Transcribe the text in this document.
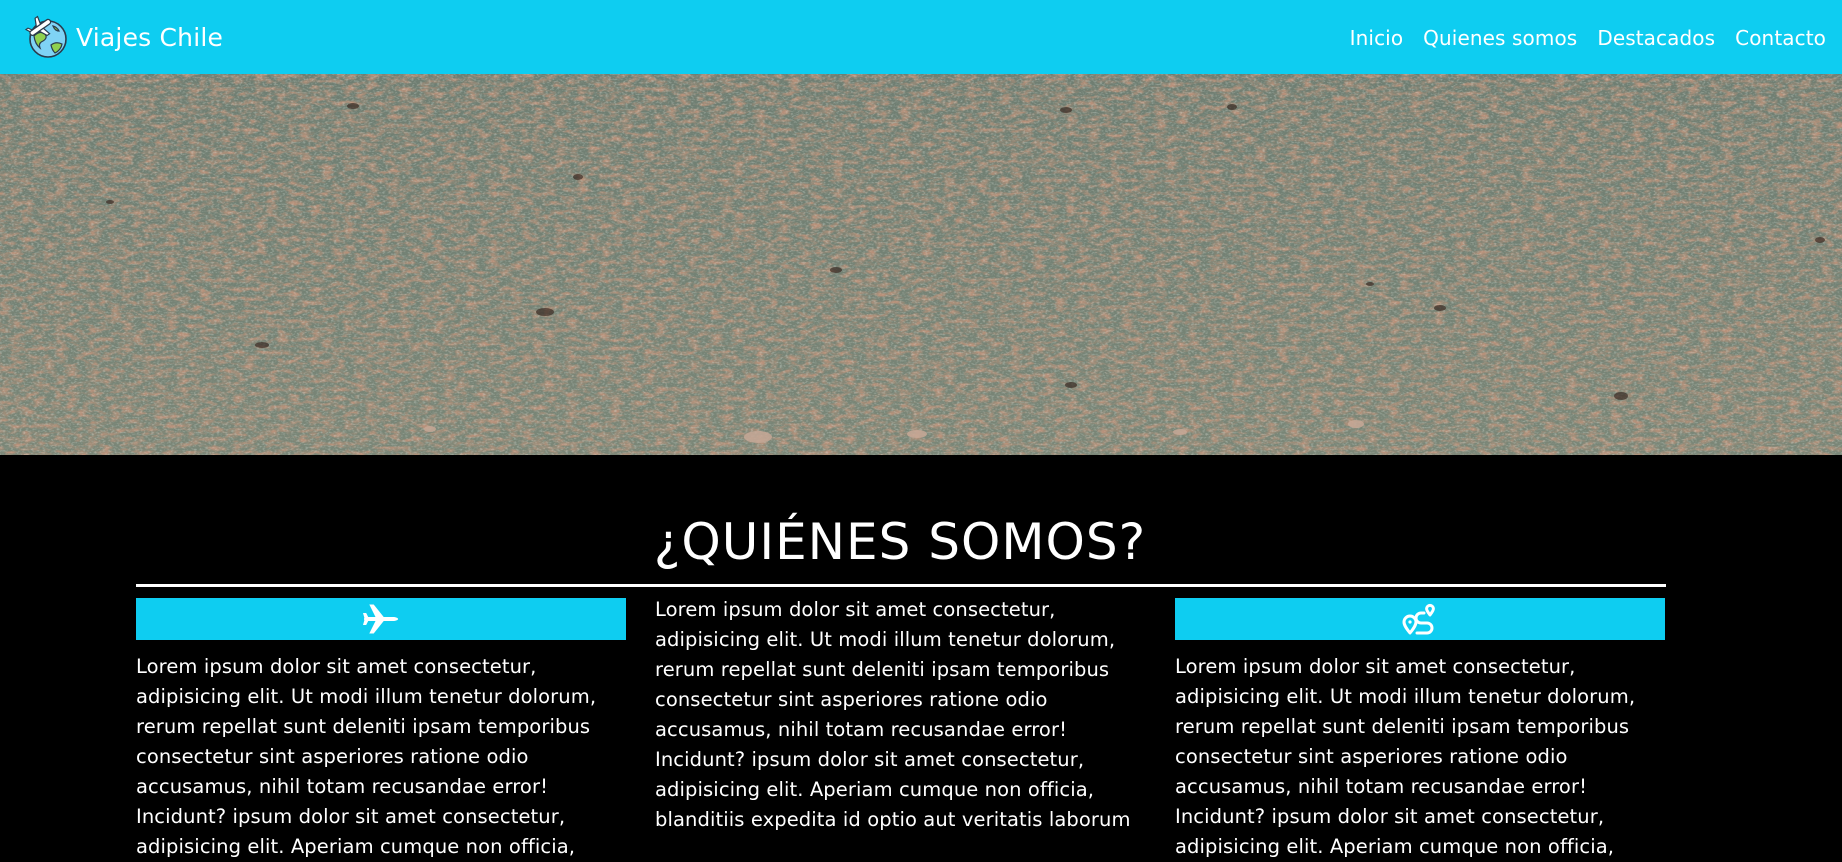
Viajes Chile	Inicio Quienes somos Destacados Contacto
¿QUIÉNES SOMOS?

Lorem ipsum dolor sit amet consectetur, adipisicing elit. Ut modi illum tenetur dolorum, rerum repellat sunt deleniti ipsam temporibus consectetur sint asperiores ratione odio accusamus, nihil totam recusandae error! Incidunt? ipsum dolor sit amet consectetur, adipisicing elit. Aperiam cumque non officia,

Lorem ipsum dolor sit amet consectetur, adipisicing elit. Ut modi illum tenetur dolorum, rerum repellat sunt deleniti ipsam temporibus consectetur sint asperiores ratione odio accusamus, nihil totam recusandae error! Incidunt? ipsum dolor sit amet consectetur, adipisicing elit. Aperiam cumque non officia, blanditiis expedita id optio aut veritatis laborum

Lorem ipsum dolor sit amet consectetur, adipisicing elit. Ut modi illum tenetur dolorum, rerum repellat sunt deleniti ipsam temporibus consectetur sint asperiores ratione odio accusamus, nihil totam recusandae error! Incidunt? ipsum dolor sit amet consectetur, adipisicing elit. Aperiam cumque non officia,
